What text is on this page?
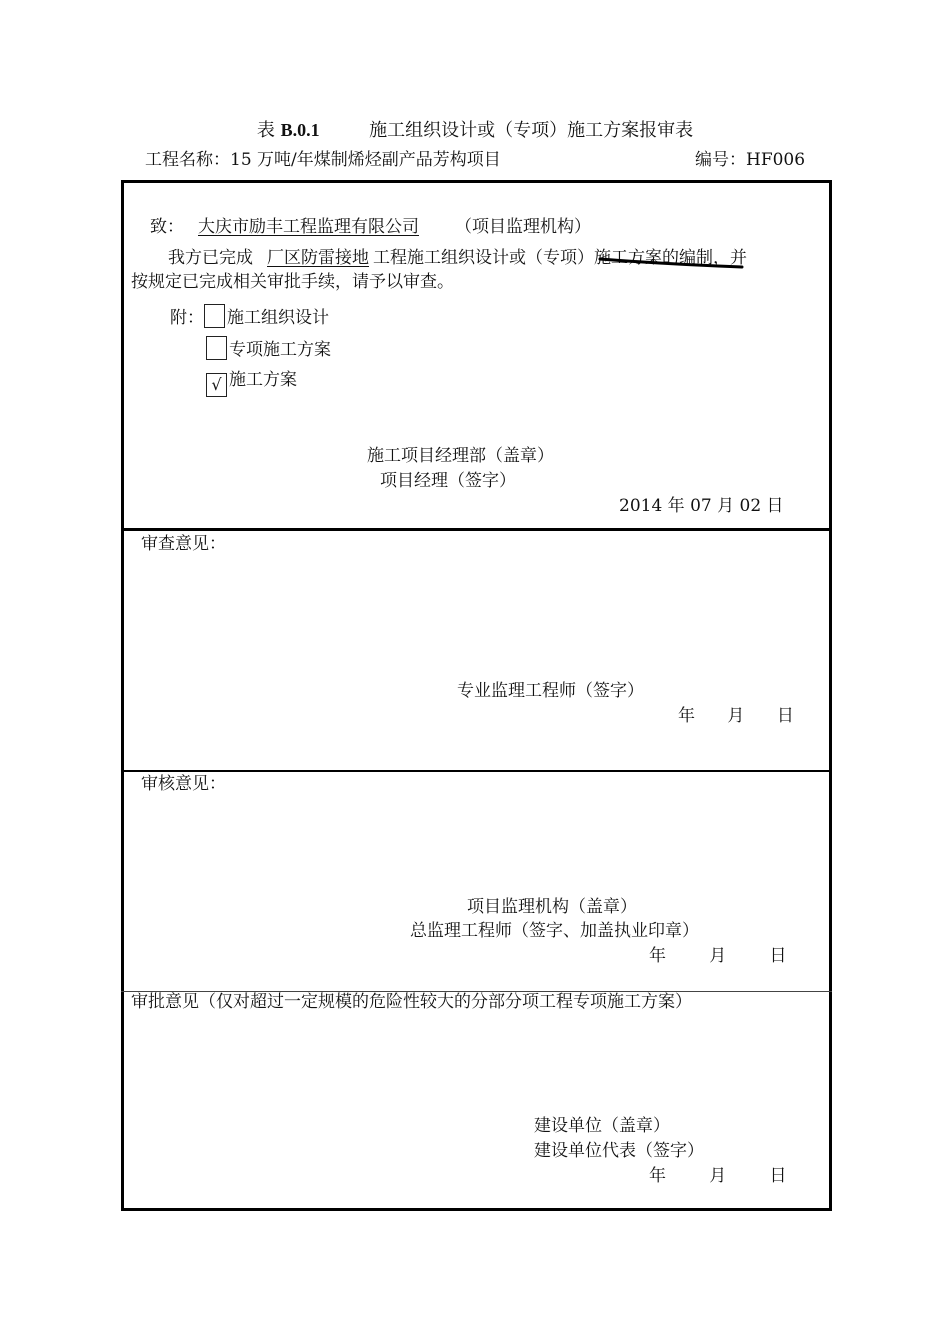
表 B.0.1	施工组织设计或（专项）施工方案报审表
工程名称：15 万吨/年煤制烯烃副产品芳构项目	编号：HF006
致： 大庆市励丰工程监理有限公司 （项目监理机构）
我方已完成 厂区防雷接地 工程施工组织设计或（专项）施工方案的编制，并
按规定已完成相关审批手续，请予以审查。
附： 施工组织设计
专项施工方案
√ 施工方案
施工项目经理部（盖章）
项目经理（签字）
2014 年 07 月 02 日
审查意见：
专业监理工程师（签字）
年      月      日
审核意见：
项目监理机构（盖章）
总监理工程师（签字、加盖执业印章）
年        月        日
审批意见（仅对超过一定规模的危险性较大的分部分项工程专项施工方案）
建设单位（盖章）
建设单位代表（签字）
年        月        日
